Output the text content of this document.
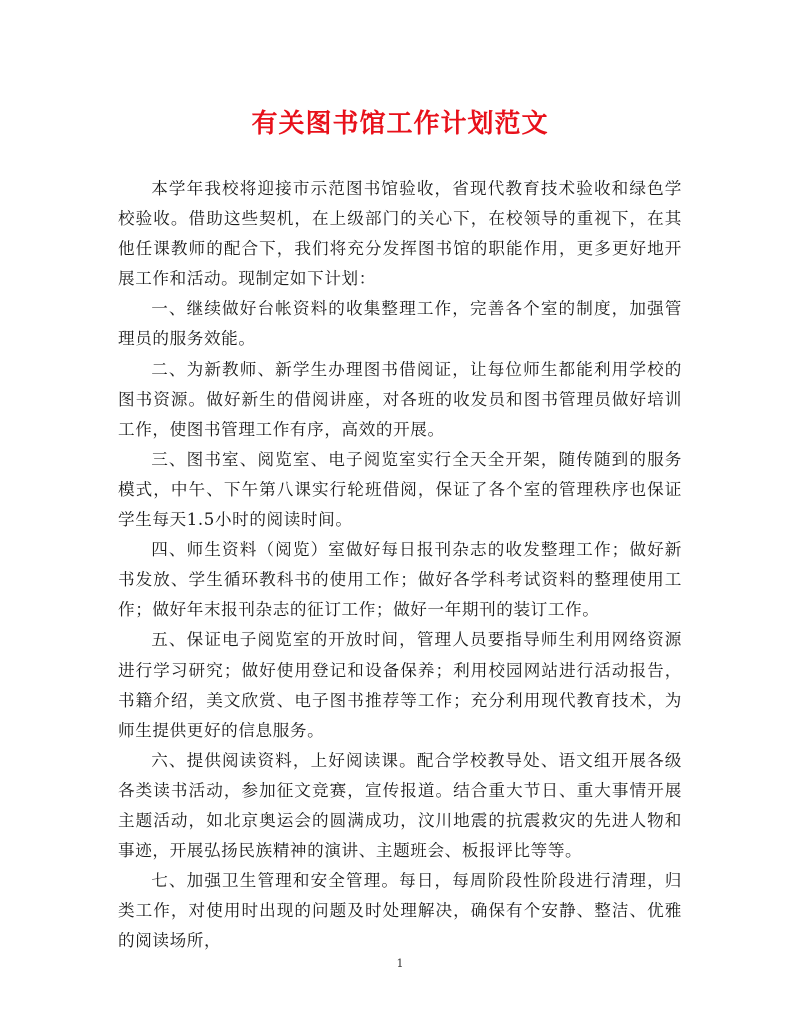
有关图书馆工作计划范文

本学年我校将迎接市示范图书馆验收，省现代教育技术验收和绿色学校验收。借助这些契机，在上级部门的关心下，在校领导的重视下，在其他任课教师的配合下，我们将充分发挥图书馆的职能作用，更多更好地开展工作和活动。现制定如下计划：

一、继续做好台帐资料的收集整理工作，完善各个室的制度，加强管理员的服务效能。

二、为新教师、新学生办理图书借阅证，让每位师生都能利用学校的图书资源。做好新生的借阅讲座，对各班的收发员和图书管理员做好培训工作，使图书管理工作有序，高效的开展。

三、图书室、阅览室、电子阅览室实行全天全开架，随传随到的服务模式，中午、下午第八课实行轮班借阅，保证了各个室的管理秩序也保证学生每天1.5小时的阅读时间。

四、师生资料（阅览）室做好每日报刊杂志的收发整理工作；做好新书发放、学生循环教科书的使用工作；做好各学科考试资料的整理使用工作；做好年末报刊杂志的征订工作；做好一年期刊的装订工作。

五、保证电子阅览室的开放时间，管理人员要指导师生利用网络资源进行学习研究；做好使用登记和设备保养；利用校园网站进行活动报告，书籍介绍，美文欣赏、电子图书推荐等工作；充分利用现代教育技术，为师生提供更好的信息服务。

六、提供阅读资料，上好阅读课。配合学校教导处、语文组开展各级各类读书活动，参加征文竞赛，宣传报道。结合重大节日、重大事情开展主题活动，如北京奥运会的圆满成功，汶川地震的抗震救灾的先进人物和事迹，开展弘扬民族精神的演讲、主题班会、板报评比等等。

七、加强卫生管理和安全管理。每日，每周阶段性阶段进行清理，归类工作，对使用时出现的问题及时处理解决，确保有个安静、整洁、优雅的阅读场所，

1
